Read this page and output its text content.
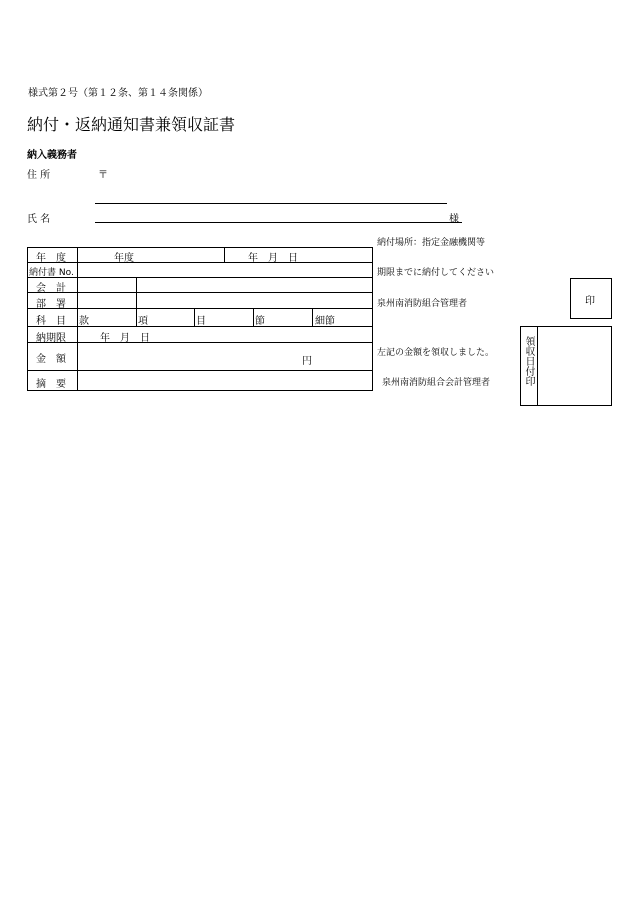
様式第２号（第１２条、第１４条関係）
納付・返納通知書兼領収証書
納入義務者
住 所	〒
氏 名	様
年　度	年度	年　月　日
納付書 No.
会　計
部　署
科　目 款	項	目	節	細節
納期限	年　月　日
金　額	円
摘　要
納付場所：指定金融機関等
期限までに納付してください
泉州南消防組合管理者	印
左記の金額を領収しました。
泉州南消防組合会計管理者	領収日付印
